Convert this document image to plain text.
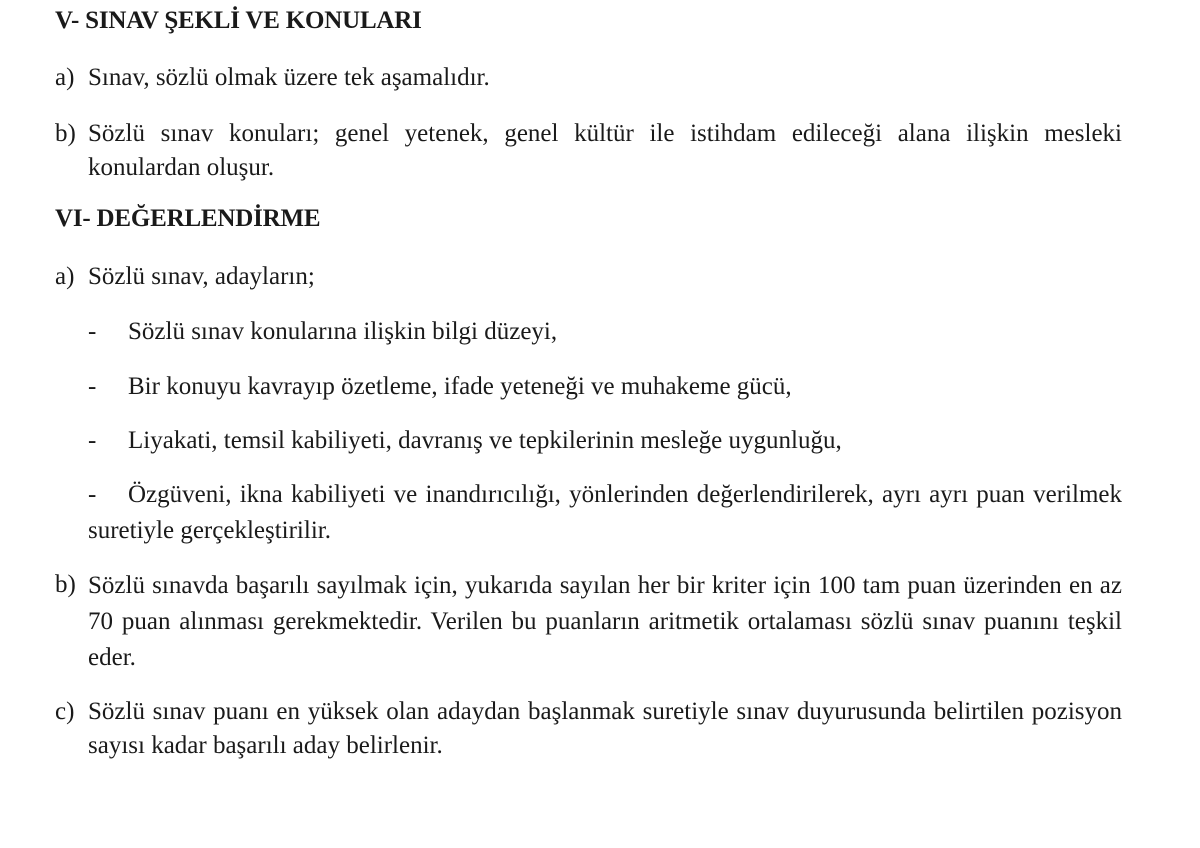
V- SINAV ŞEKLİ VE KONULARI
a) Sınav, sözlü olmak üzere tek aşamalıdır.
b) Sözlü sınav konuları; genel yetenek, genel kültür ile istihdam edileceği alana ilişkin mesleki konulardan oluşur.
VI- DEĞERLENDİRME
a) Sözlü sınav, adayların;
- Sözlü sınav konularına ilişkin bilgi düzeyi,
- Bir konuyu kavrayıp özetleme, ifade yeteneği ve muhakeme gücü,
- Liyakati, temsil kabiliyeti, davranış ve tepkilerinin mesleğe uygunluğu,
- Özgüveni, ikna kabiliyeti ve inandırıcılığı, yönlerinden değerlendirilerek, ayrı ayrı puan verilmek suretiyle gerçekleştirilir.
b) Sözlü sınavda başarılı sayılmak için, yukarıda sayılan her bir kriter için 100 tam puan üzerinden en az 70 puan alınması gerekmektedir. Verilen bu puanların aritmetik ortalaması sözlü sınav puanını teşkil eder.
c) Sözlü sınav puanı en yüksek olan adaydan başlanmak suretiyle sınav duyurusunda belirtilen pozisyon sayısı kadar başarılı aday belirlenir.
